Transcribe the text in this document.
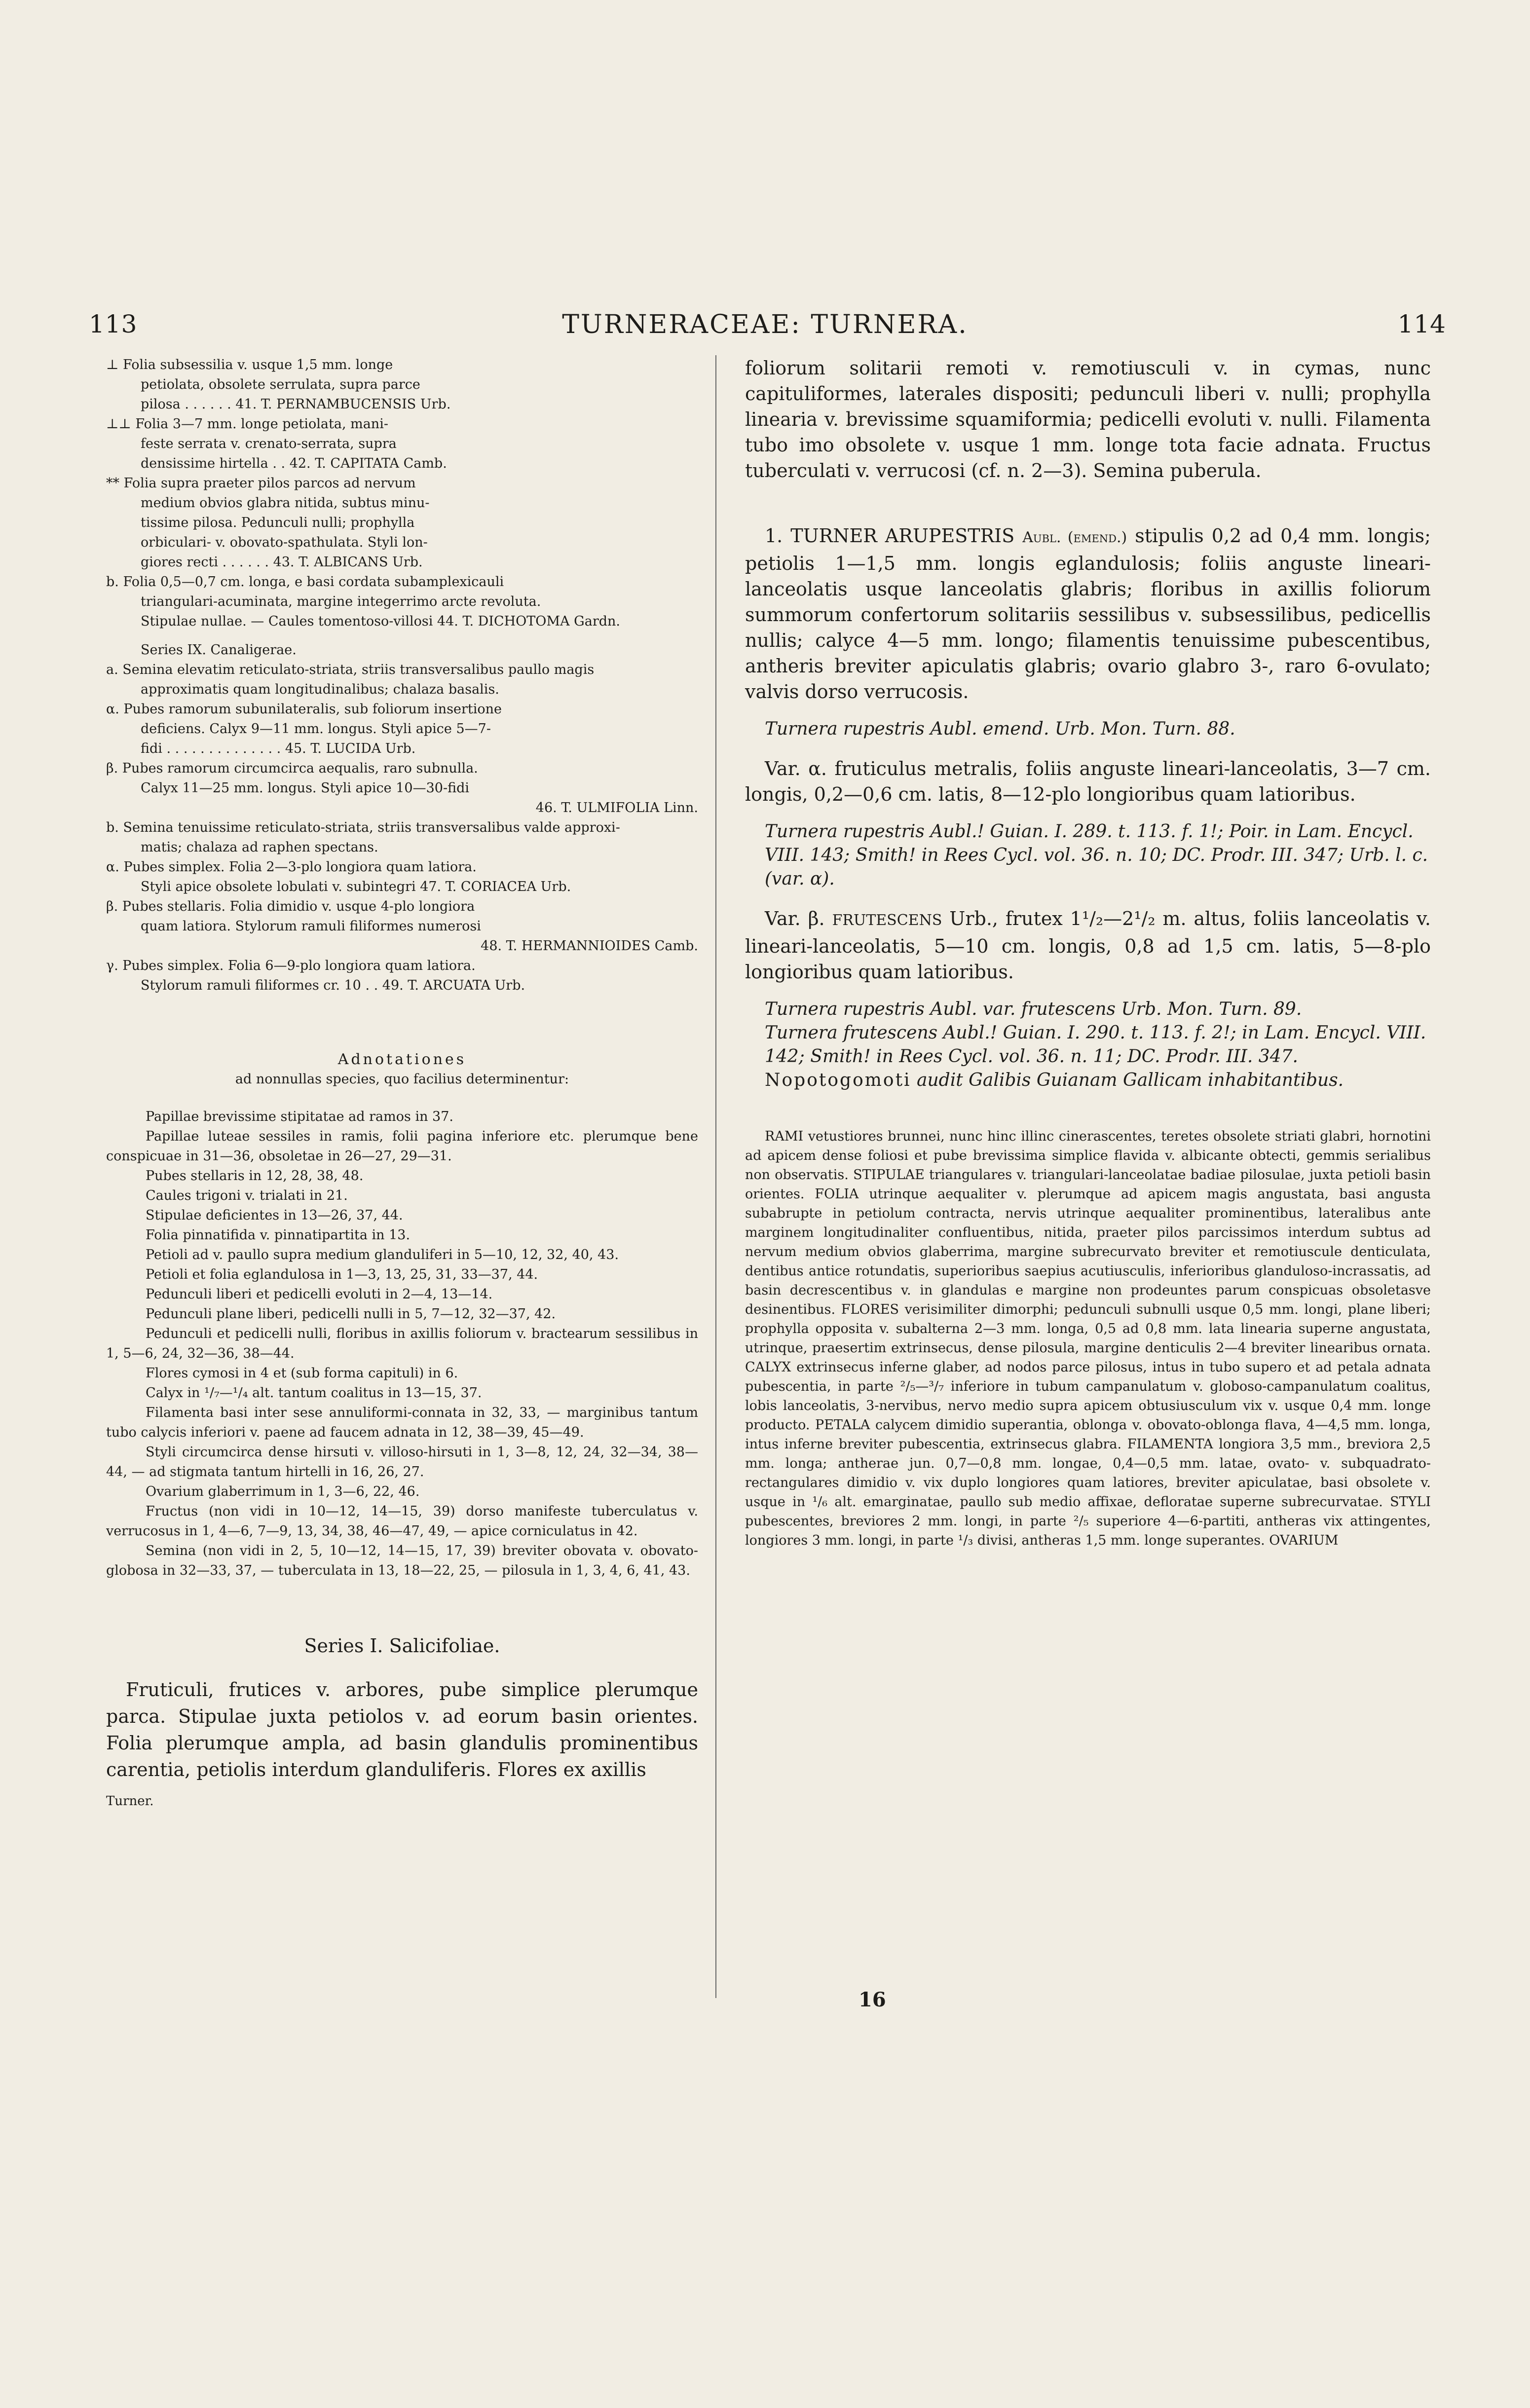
113	TURNERACEAE: TURNERA.	114

⊥ Folia subsessilia v. usque 1,5 mm. longe

petiolata, obsolete serrulata, supra parce

pilosa . . . . . . 41. T. PERNAMBUCENSIS Urb.

⊥⊥ Folia 3—7 mm. longe petiolata, mani-

feste serrata v. crenato-serrata, supra

densissime hirtella . . 42. T. CAPITATA Camb.

** Folia supra praeter pilos parcos ad nervum

medium obvios glabra nitida, subtus minu-

tissime pilosa. Pedunculi nulli; prophylla

orbiculari- v. obovato-spathulata. Styli lon-

giores recti . . . . . . 43. T. ALBICANS Urb.

b. Folia 0,5—0,7 cm. longa, e basi cordata subamplexicauli

triangulari-acuminata, margine integerrimo arcte revoluta.

Stipulae nullae. — Caules tomentoso-villosi 44. T. DICHOTOMA Gardn.

Series IX. Canaligerae.

a. Semina elevatim reticulato-striata, striis transversalibus paullo magis

approximatis quam longitudinalibus; chalaza basalis.

α. Pubes ramorum subunilateralis, sub foliorum insertione

deficiens. Calyx 9—11 mm. longus. Styli apice 5—7-

fidi . . . . . . . . . . . . . . 45. T. LUCIDA Urb.

β. Pubes ramorum circumcirca aequalis, raro subnulla.

Calyx 11—25 mm. longus. Styli apice 10—30-fidi

46. T. ULMIFOLIA Linn.

b. Semina tenuissime reticulato-striata, striis transversalibus valde approxi-

matis; chalaza ad raphen spectans.

α. Pubes simplex. Folia 2—3-plo longiora quam latiora.

Styli apice obsolete lobulati v. subintegri 47. T. CORIACEA Urb.

β. Pubes stellaris. Folia dimidio v. usque 4-plo longiora

quam latiora. Stylorum ramuli filiformes numerosi

48. T. HERMANNIOIDES Camb.

γ. Pubes simplex. Folia 6—9-plo longiora quam latiora.

Stylorum ramuli filiformes cr. 10 . . 49. T. ARCUATA Urb.

Adnotationes
ad nonnullas species, quo facilius determinentur:

Papillae brevissime stipitatae ad ramos in 37.

Papillae luteae sessiles in ramis, folii pagina inferiore etc. plerumque bene conspicuae in 31—36, obsoletae in 26—27, 29—31.

Pubes stellaris in 12, 28, 38, 48.

Caules trigoni v. trialati in 21.

Stipulae deficientes in 13—26, 37, 44.

Folia pinnatifida v. pinnatipartita in 13.

Petioli ad v. paullo supra medium glanduliferi in 5—10, 12, 32, 40, 43.

Petioli et folia eglandulosa in 1—3, 13, 25, 31, 33—37, 44.

Pedunculi liberi et pedicelli evoluti in 2—4, 13—14.

Pedunculi plane liberi, pedicelli nulli in 5, 7—12, 32—37, 42.

Pedunculi et pedicelli nulli, floribus in axillis foliorum v. bractearum sessilibus in 1, 5—6, 24, 32—36, 38—44.

Flores cymosi in 4 et (sub forma capituli) in 6.

Calyx in ¹/₇—¹/₄ alt. tantum coalitus in 13—15, 37.

Filamenta basi inter sese annuliformi-connata in 32, 33, — marginibus tantum tubo calycis inferiori v. paene ad faucem adnata in 12, 38—39, 45—49.

Styli circumcirca dense hirsuti v. villoso-hirsuti in 1, 3—8, 12, 24, 32—34, 38—44, — ad stigmata tantum hirtelli in 16, 26, 27.

Ovarium glaberrimum in 1, 3—6, 22, 46.

Fructus (non vidi in 10—12, 14—15, 39) dorso manifeste tuberculatus v. verrucosus in 1, 4—6, 7—9, 13, 34, 38, 46—47, 49, — apice corniculatus in 42.

Semina (non vidi in 2, 5, 10—12, 14—15, 17, 39) breviter obovata v. obovato-globosa in 32—33, 37, — tuberculata in 13, 18—22, 25, — pilosula in 1, 3, 4, 6, 41, 43.

Series I. Salicifoliae.

Fruticuli, frutices v. arbores, pube simplice plerumque parca. Stipulae juxta petiolos v. ad eorum basin orientes. Folia plerumque ampla, ad basin glandulis prominentibus carentia, petiolis interdum glanduliferis. Flores ex axillis

Turner.

foliorum solitarii remoti v. remotiusculi v. in cymas, nunc capituliformes, laterales dispositi; pedunculi liberi v. nulli; prophylla linearia v. brevissime squamiformia; pedicelli evoluti v. nulli. Filamenta tubo imo obsolete v. usque 1 mm. longe tota facie adnata. Fructus tuberculati v. verrucosi (cf. n. 2—3). Semina puberula.

1. TURNER ARUPESTRIS Aubl. (emend.) stipulis 0,2 ad 0,4 mm. longis; petiolis 1—1,5 mm. longis eglandulosis; foliis anguste lineari-lanceolatis usque lanceolatis glabris; floribus in axillis foliorum summorum confertorum solitariis sessilibus v. subsessilibus, pedicellis nullis; calyce 4—5 mm. longo; filamentis tenuissime pubescentibus, antheris breviter apiculatis glabris; ovario glabro 3-, raro 6-ovulato; valvis dorso verrucosis.

Turnera rupestris Aubl. emend. Urb. Mon. Turn. 88.

Var. α. fruticulus metralis, foliis anguste lineari-lanceolatis, 3—7 cm. longis, 0,2—0,6 cm. latis, 8—12-plo longioribus quam latioribus.

Turnera rupestris Aubl.! Guian. I. 289. t. 113. f. 1!; Poir. in Lam. Encycl. VIII. 143; Smith! in Rees Cycl. vol. 36. n. 10; DC. Prodr. III. 347; Urb. l. c. (var. α).

Var. β. FRUTESCENS Urb., frutex 1¹/₂—2¹/₂ m. altus, foliis lanceolatis v. lineari-lanceolatis, 5—10 cm. longis, 0,8 ad 1,5 cm. latis, 5—8-plo longioribus quam latioribus.

Turnera rupestris Aubl. var. frutescens Urb. Mon. Turn. 89.
Turnera frutescens Aubl.! Guian. I. 290. t. 113. f. 2!; in Lam. Encycl. VIII. 142; Smith! in Rees Cycl. vol. 36. n. 11; DC. Prodr. III. 347.
Nopotogomoti audit Galibis Guianam Gallicam inhabitantibus.

RAMI vetustiores brunnei, nunc hinc illinc cinerascentes, teretes obsolete striati glabri, hornotini ad apicem dense foliosi et pube brevissima simplice flavida v. albicante obtecti, gemmis serialibus non observatis. STIPULAE triangulares v. triangulari-lanceolatae badiae pilosulae, juxta petioli basin orientes. FOLIA utrinque aequaliter v. plerumque ad apicem magis angustata, basi angusta subabrupte in petiolum contracta, nervis utrinque aequaliter prominentibus, lateralibus ante marginem longitudinaliter confluentibus, nitida, praeter pilos parcissimos interdum subtus ad nervum medium obvios glaberrima, margine subrecurvato breviter et remotiuscule denticulata, dentibus antice rotundatis, superioribus saepius acutiusculis, inferioribus glanduloso-incrassatis, ad basin decrescentibus v. in glandulas e margine non prodeuntes parum conspicuas obsoletasve desinentibus. FLORES verisimiliter dimorphi; pedunculi subnulli usque 0,5 mm. longi, plane liberi; prophylla opposita v. subalterna 2—3 mm. longa, 0,5 ad 0,8 mm. lata linearia superne angustata, utrinque, praesertim extrinsecus, dense pilosula, margine denticulis 2—4 breviter linearibus ornata. CALYX extrinsecus inferne glaber, ad nodos parce pilosus, intus in tubo supero et ad petala adnata pubescentia, in parte ²/₅—³/₇ inferiore in tubum campanulatum v. globoso-campanulatum coalitus, lobis lanceolatis, 3-nervibus, nervo medio supra apicem obtusiusculum vix v. usque 0,4 mm. longe producto. PETALA calycem dimidio superantia, oblonga v. obovato-oblonga flava, 4—4,5 mm. longa, intus inferne breviter pubescentia, extrinsecus glabra. FILAMENTA longiora 3,5 mm., breviora 2,5 mm. longa; antherae jun. 0,7—0,8 mm. longae, 0,4—0,5 mm. latae, ovato- v. subquadrato-rectangulares dimidio v. vix duplo longiores quam latiores, breviter apiculatae, basi obsolete v. usque in ¹/₆ alt. emarginatae, paullo sub medio affixae, defloratae superne subrecurvatae. STYLI pubescentes, breviores 2 mm. longi, in parte ²/₅ superiore 4—6-partiti, antheras vix attingentes, longiores 3 mm. longi, in parte ¹/₃ divisi, antheras 1,5 mm. longe superantes. OVARIUM

16
